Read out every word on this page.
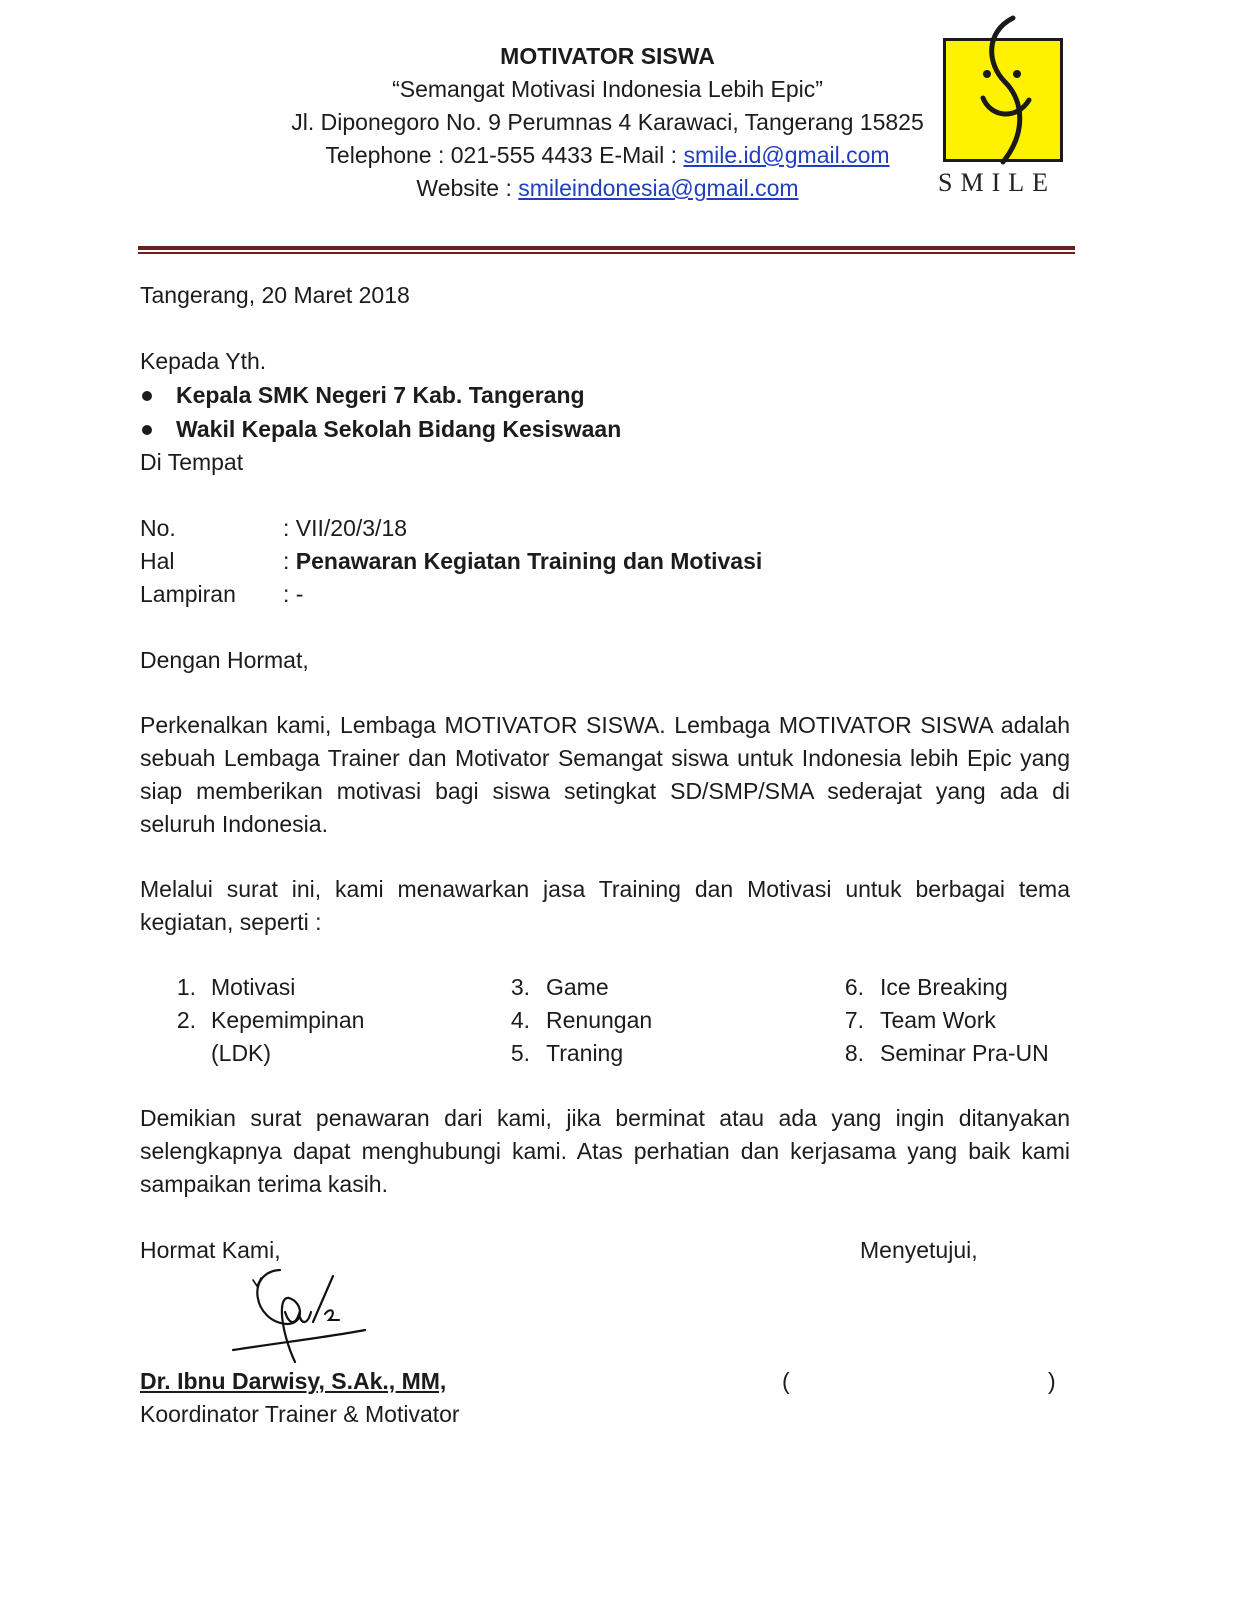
MOTIVATOR SISWA
“Semangat Motivasi Indonesia Lebih Epic”
Jl. Diponegoro No. 9 Perumnas 4 Karawaci, Tangerang 15825
Telephone : 021-555 4433 E-Mail : smile.id@gmail.com
Website : smileindonesia@gmail.com	SMILE
Tangerang, 20 Maret 2018
Kepada Yth.
Kepala SMK Negeri 7 Kab. Tangerang
Wakil Kepala Sekolah Bidang Kesiswaan
Di Tempat
No.	: VII/20/3/18
Hal	: Penawaran Kegiatan Training dan Motivasi
Lampiran : -
Dengan Hormat,
Perkenalkan kami, Lembaga MOTIVATOR SISWA. Lembaga MOTIVATOR SISWA adalah sebuah Lembaga Trainer dan Motivator Semangat siswa untuk Indonesia lebih Epic yang siap memberikan motivasi bagi siswa setingkat SD/SMP/SMA sederajat yang ada di seluruh Indonesia.
Melalui surat ini, kami menawarkan jasa Training dan Motivasi untuk berbagai tema kegiatan, seperti :
1. Motivasi
2. Kepemimpinan
(LDK)
3. Game
4. Renungan
5. Traning
6. Ice Breaking
7. Team Work
8. Seminar Pra-UN
Demikian surat penawaran dari kami, jika berminat atau ada yang ingin ditanyakan selengkapnya dapat menghubungi kami. Atas perhatian dan kerjasama yang baik kami sampaikan terima kasih.
Hormat Kami,	Menyetujui,
Dr. Ibnu Darwisy, S.Ak., MM,
Koordinator Trainer & Motivator
(	)
